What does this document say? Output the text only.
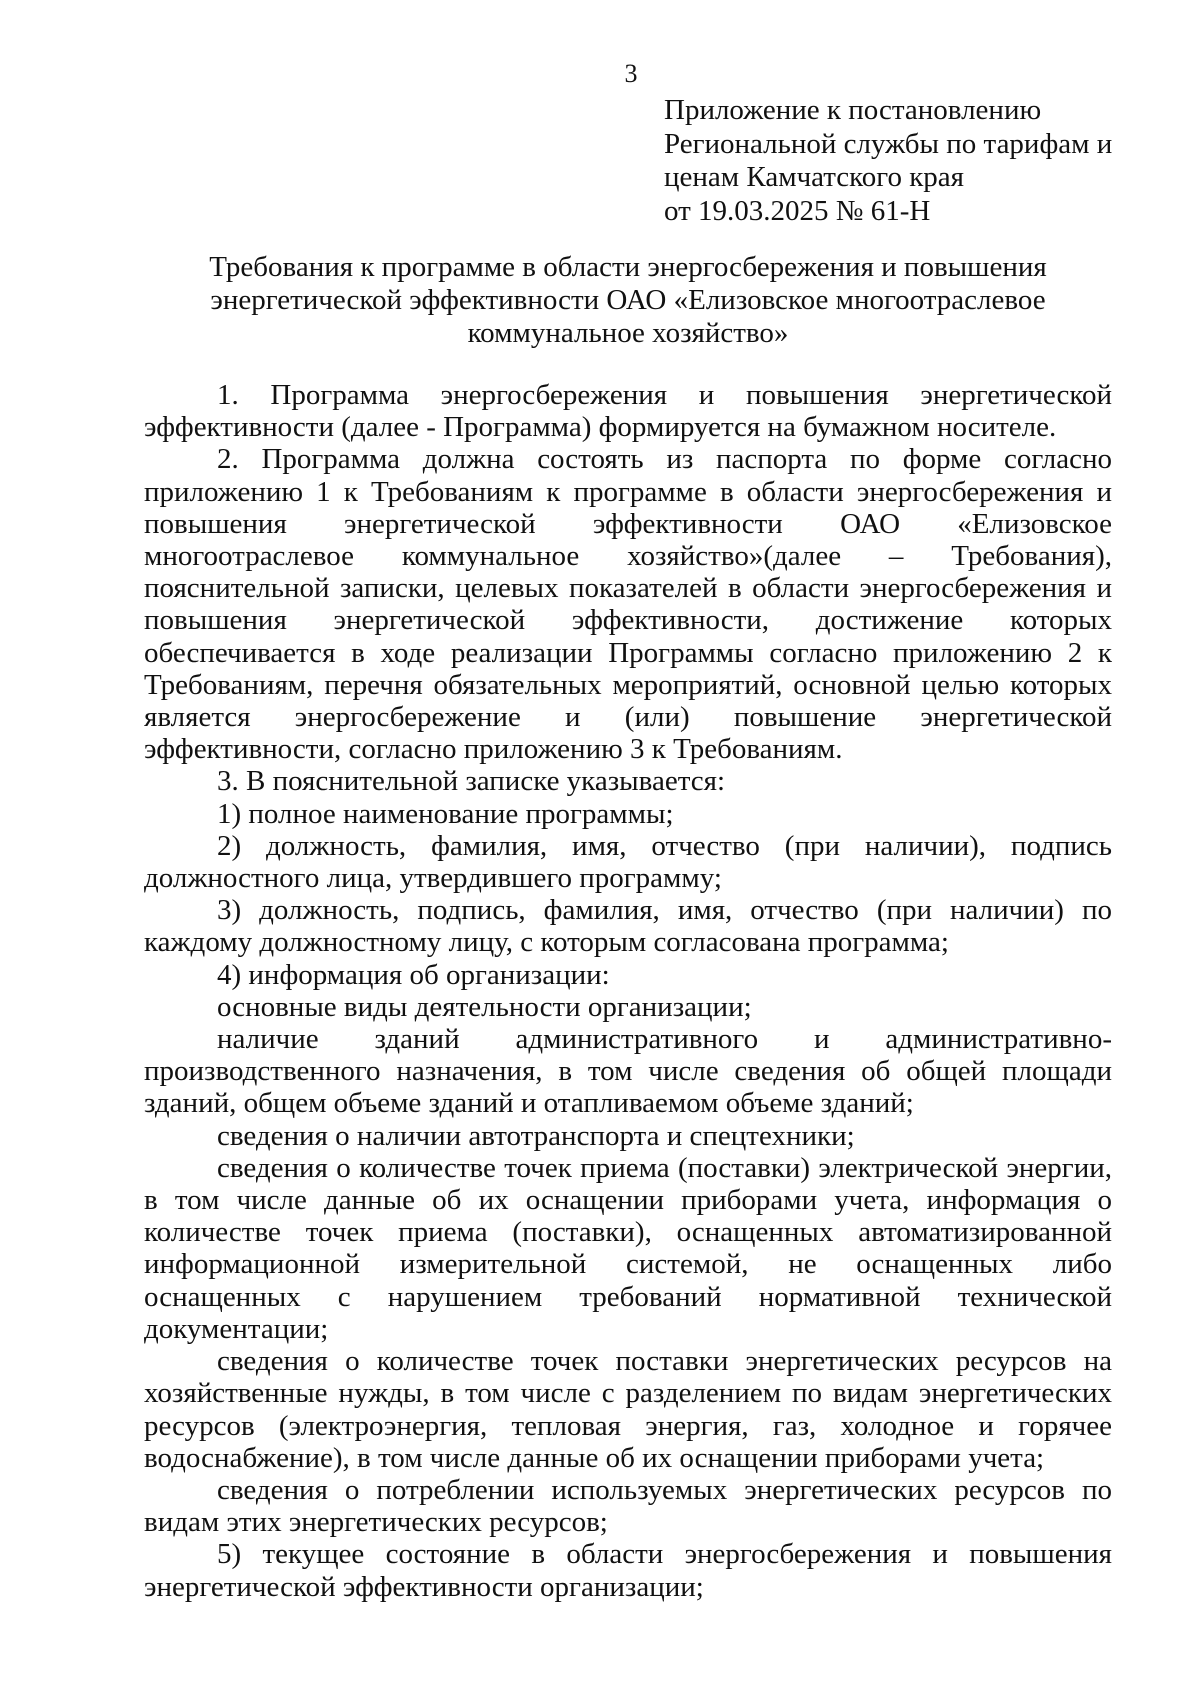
3
Приложение к постановлению
Региональной службы по тарифам и
ценам Камчатского края
от 19.03.2025 № 61-Н
Требования к программе в области энергосбережения и повышения
энергетической эффективности ОАО «Елизовское многоотраслевое
коммунальное хозяйство»

1. Программа энергосбережения и повышения энергетической эффективности (далее - Программа) формируется на бумажном носителе.

2. Программа должна состоять из паспорта по форме согласно приложению 1 к Требованиям к программе в области энергосбережения и повышения энергетической эффективности ОАО «Елизовское многоотраслевое коммунальное хозяйство»(далее – Требования), пояснительной записки, целевых показателей в области энергосбережения и повышения энергетической эффективности, достижение которых обеспечивается в ходе реализации Программы согласно приложению 2 к Требованиям, перечня обязательных мероприятий, основной целью которых является энергосбережение и (или) повышение энергетической эффективности, согласно приложению 3 к Требованиям.

3. В пояснительной записке указывается:

1) полное наименование программы;

2) должность, фамилия, имя, отчество (при наличии), подпись должностного лица, утвердившего программу;

3) должность, подпись, фамилия, имя, отчество (при наличии) по каждому должностному лицу, с которым согласована программа;

4) информация об организации:

основные виды деятельности организации;

наличие зданий административного и административно-производственного назначения, в том числе сведения об общей площади зданий, общем объеме зданий и отапливаемом объеме зданий;

сведения о наличии автотранспорта и спецтехники;

сведения о количестве точек приема (поставки) электрической энергии, в том числе данные об их оснащении приборами учета, информация о количестве точек приема (поставки), оснащенных автоматизированной информационной измерительной системой, не оснащенных либо оснащенных с нарушением требований нормативной технической документации;

сведения о количестве точек поставки энергетических ресурсов на хозяйственные нужды, в том числе с разделением по видам энергетических ресурсов (электроэнергия, тепловая энергия, газ, холодное и горячее водоснабжение), в том числе данные об их оснащении приборами учета;

сведения о потреблении используемых энергетических ресурсов по видам этих энергетических ресурсов;

5) текущее состояние в области энергосбережения и повышения энергетической эффективности организации;
